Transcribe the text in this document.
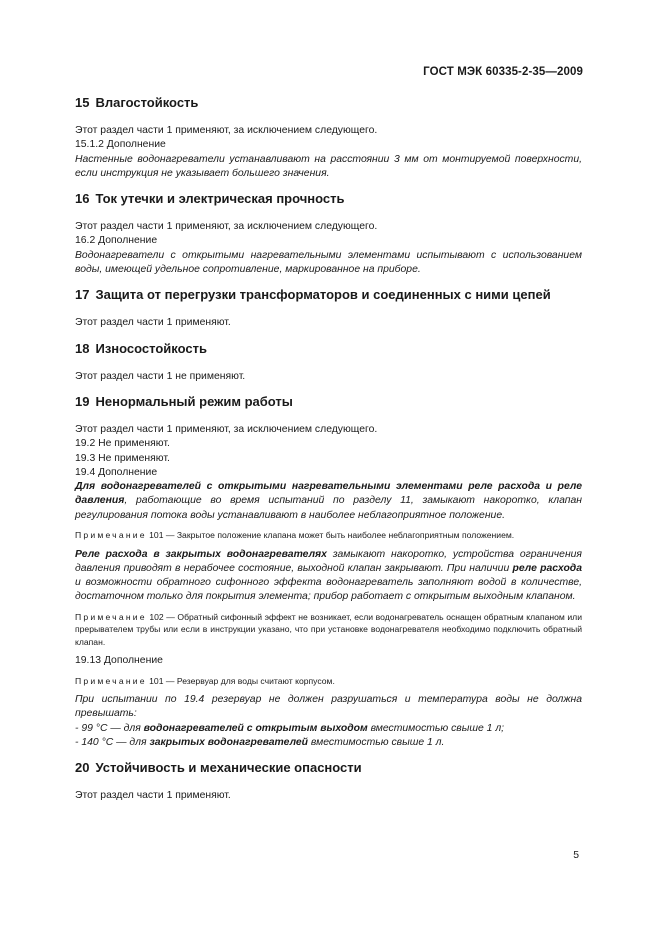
ГОСТ МЭК 60335-2-35—2009
15 Влагостойкость

Этот раздел части 1 применяют, за исключением следующего.

15.1.2 Дополнение

Настенные водонагреватели устанавливают на расстоянии 3 мм от монтируемой поверхности, если инструкция не указывает большего значения.

16 Ток утечки и электрическая прочность

Этот раздел части 1 применяют, за исключением следующего.

16.2 Дополнение

Водонагреватели с открытыми нагревательными элементами испытывают с использованием воды, имеющей удельное сопротивление, маркированное на приборе.

17 Защита от перегрузки трансформаторов и соединенных с ними цепей

Этот раздел части 1 применяют.

18 Износостойкость

Этот раздел части 1 не применяют.

19 Ненормальный режим работы

Этот раздел части 1 применяют, за исключением следующего.

19.2 Не применяют.

19.3 Не применяют.

19.4 Дополнение

Для водонагревателей с открытыми нагревательными элементами реле расхода и реле давления, работающие во время испытаний по разделу 11, замыкают накоротко, клапан регулирования потока воды устанавливают в наиболее неблагоприятное положение.

Примечание 101 — Закрытое положение клапана может быть наиболее неблагоприятным положением.

Реле расхода в закрытых водонагревателях замыкают накоротко, устройства ограничения давления приводят в нерабочее состояние, выходной клапан закрывают. При наличии реле расхода и возможности обратного сифонного эффекта водонагреватель заполняют водой в количестве, достаточном только для покрытия элемента; прибор работает с открытым выходным клапаном.

Примечание 102 — Обратный сифонный эффект не возникает, если водонагреватель оснащен обратным клапаном или прерывателем трубы или если в инструкции указано, что при установке водонагревателя необходимо подключить обратный клапан.

19.13 Дополнение

Примечание 101 — Резервуар для воды считают корпусом.

При испытании по 19.4 резервуар не должен разрушаться и температура воды не должна превышать:

- 99 °C — для водонагревателей с открытым выходом вместимостью свыше 1 л;

- 140 °C — для закрытых водонагревателей вместимостью свыше 1 л.

20 Устойчивость и механические опасности

Этот раздел части 1 применяют.

5
